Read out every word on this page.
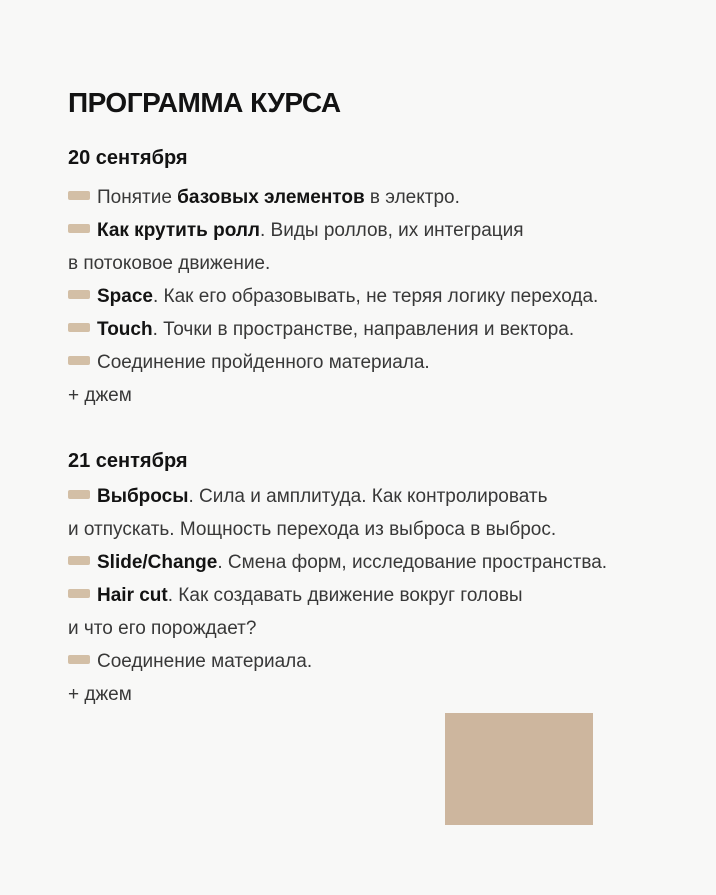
ПРОГРАММА КУРСА
20 сентября
Понятие базовых элементов в электро.
Как крутить ролл. Виды роллов, их интеграция
в потоковое движение.
Space. Как его образовывать, не теряя логику перехода.
Touch. Точки в пространстве, направления и вектора.
Соединение пройденного материала.
+ джем
21 сентября
Выбросы. Сила и амплитуда. Как контролировать
и отпускать. Мощность перехода из выброса в выброс.
Slide/Change. Смена форм, исследование пространства.
Hair cut. Как создавать движение вокруг головы
и что его порождает?
Соединение материала.
+ джем
